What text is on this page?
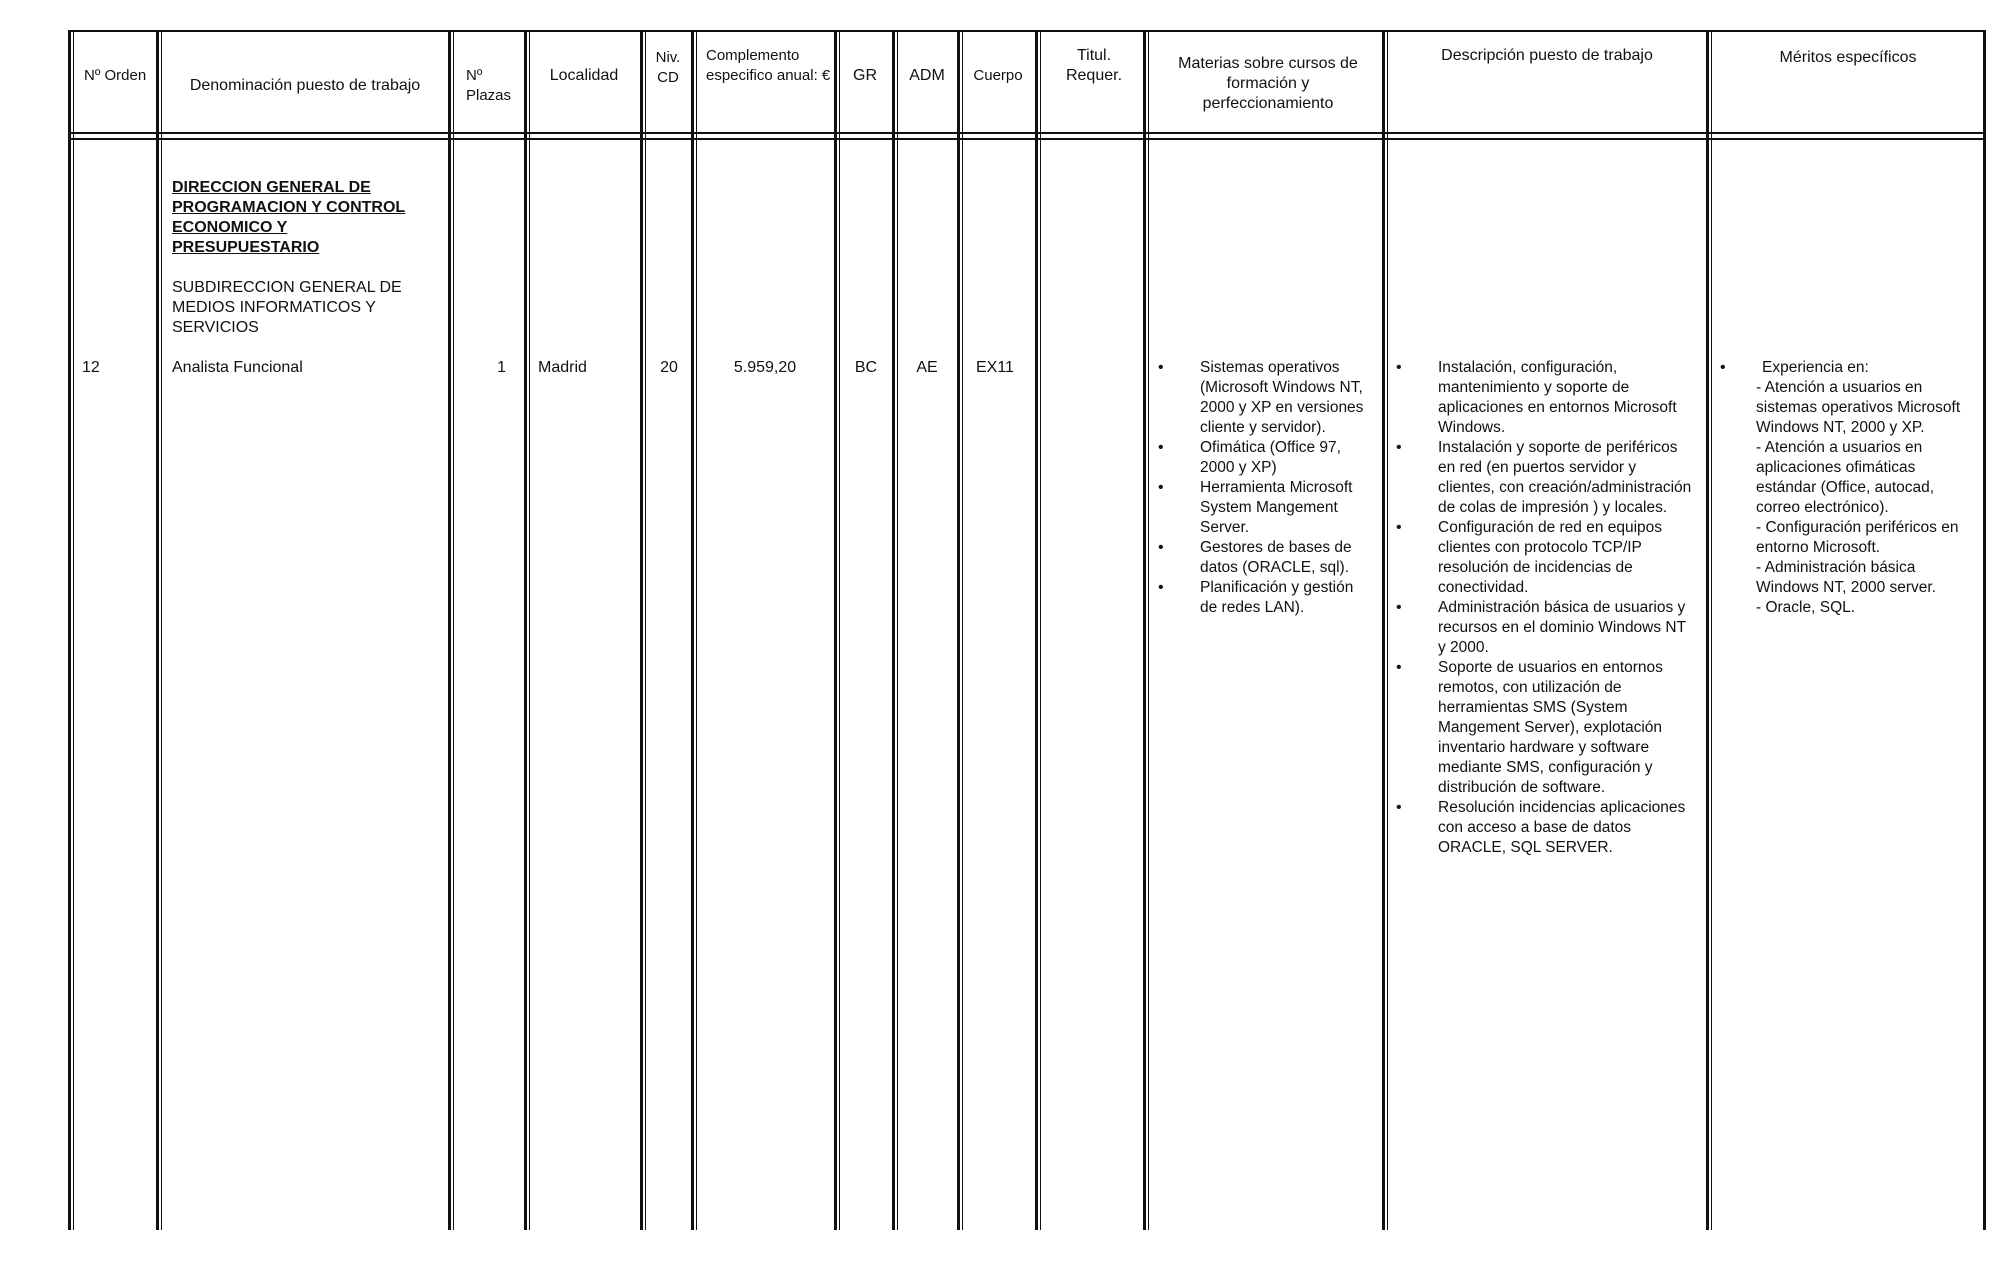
Nº Orden
Denominación puesto de trabajo
Nº Plazas
Localidad
Niv. CD
Complemento especifico anual: €	GR	ADM	Cuerpo
Titul. Requer.
Materias sobre cursos de formación y perfeccionamiento
Descripción puesto de trabajo	Méritos específicos
DIRECCION GENERAL DE PROGRAMACION Y CONTROL ECONOMICO Y PRESUPUESTARIO
SUBDIRECCION GENERAL DE MEDIOS INFORMATICOS Y SERVICIOS
12	Analista Funcional	1 Madrid	20	5.959,20	BC	AE	EX11
•	Sistemas operativos (Microsoft Windows NT, 2000 y XP en versiones cliente y servidor).
• Ofimática (Office 97, 2000 y XP)
• Herramienta Microsoft System Mangement Server.
• Gestores de bases de datos (ORACLE, sql).
• Planificación y gestión de redes LAN).
• Instalación, configuración, mantenimiento y soporte de aplicaciones en entornos Microsoft Windows.
• Instalación y soporte de periféricos en red (en puertos servidor y clientes, con creación/administración de colas de impresión ) y locales.
• Configuración de red en equipos clientes con protocolo TCP/IP resolución de incidencias de conectividad.
• Administración básica de usuarios y recursos en el dominio Windows NT y 2000.
• Soporte de usuarios en entornos remotos, con utilización de herramientas SMS (System Mangement Server), explotación inventario hardware y software mediante SMS, configuración y distribución de software.
• Resolución incidencias aplicaciones con acceso a base de datos ORACLE, SQL SERVER.
• Experiencia en:
- Atención a usuarios en sistemas operativos Microsoft Windows NT, 2000 y XP.
- Atención a usuarios en aplicaciones ofimáticas estándar (Office, autocad, correo electrónico).
- Configuración periféricos en entorno Microsoft.
- Administración básica Windows NT, 2000 server.
- Oracle, SQL.
